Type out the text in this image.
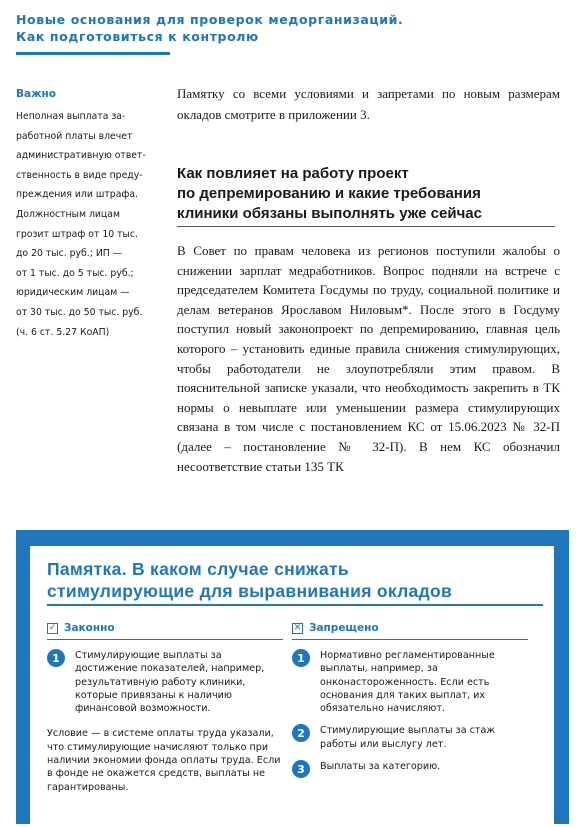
Новые основания для проверок медорганизаций.
Как подготовиться к контролю
Важно
Неполная выплата за-
работной платы влечет
административную ответ-
ственность в виде преду-
преждения или штрафа.
Должностным лицам
грозит штраф от 10 тыс.
до 20 тыс. руб.; ИП —
от 1 тыс. до 5 тыс. руб.;
юридическим лицам —
от 30 тыс. до 50 тыс. руб.
(ч. 6 ст. 5.27 КоАП)

Памятку со всеми условиями и запретами по новым размерам окладов смотрите в приложении 3.

Как повлияет на работу проект
по депремированию и какие требования
клиники обязаны выполнять уже сейчас

В Совет по правам человека из регионов поступили жалобы о снижении зарплат медработников. Вопрос подняли на встрече с председателем Комитета Госдумы по труду, социальной политике и делам ветеранов Ярославом Ниловым*. После этого в Госдуму поступил новый законопроект по депремированию, главная цель которого – установить единые правила снижения стимулирующих, чтобы работодатели не злоупотребляли этим правом. В пояснительной записке указали, что необходимость закрепить в ТК нормы о невыплате или уменьшении размера стимулирующих связана в том числе с постановлением КС от 15.06.2023 № 32-П (далее – постановление № 32-П). В нем КС обозначил несоответствие статьи 135 ТК

Памятка. В каком случае снижать
стимулирующие для выравнивания окладов
✓ Законно
1	Стимулирующие выплаты за достижение показателей, например, результативную работу клиники, которые привязаны к наличию финансовой возможности.
Условие — в системе оплаты труда указали, что стимулирующие начисляют только при наличии экономии фонда оплаты труда. Если в фонде не окажется средств, выплаты не гарантированы.
✕ Запрещено
1	Нормативно регламентированные выплаты, например, за онконастороженность. Если есть основания для таких выплат, их обязательно начисляют.
2	Стимулирующие выплаты за стаж работы или выслугу лет.
3	Выплаты за категорию.
